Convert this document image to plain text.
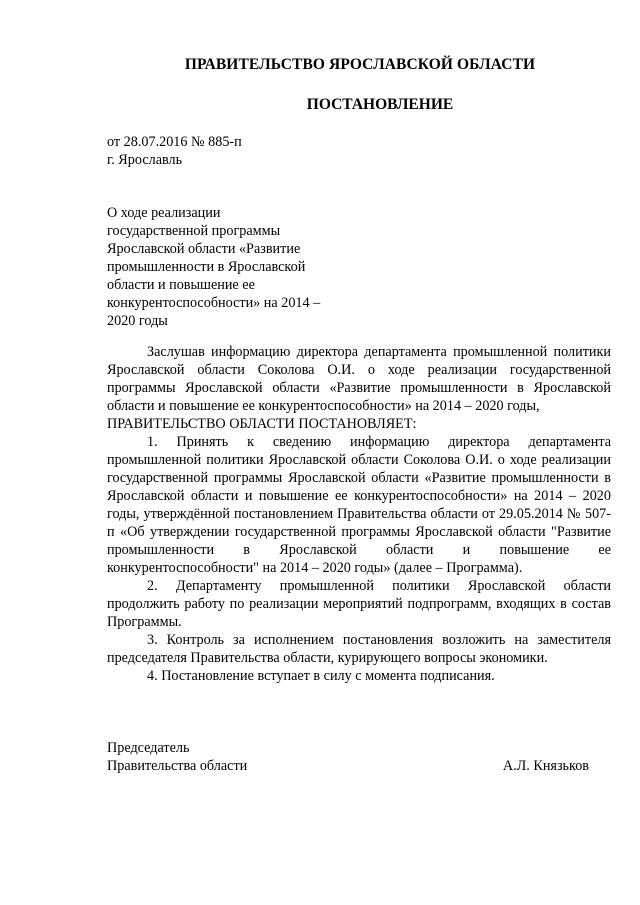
ПРАВИТЕЛЬСТВО ЯРОСЛАВСКОЙ ОБЛАСТИ
ПОСТАНОВЛЕНИЕ
от 28.07.2016 № 885-п
г. Ярославль
О ходе реализации
государственной программы
Ярославской области «Развитие
промышленности в Ярославской
области и повышение ее
конкурентоспособности» на 2014 –
2020 годы

Заслушав информацию директора департамента промышленной политики Ярославской области Соколова О.И. о ходе реализации государственной программы Ярославской области «Развитие промышленности в Ярославской области и повышение ее конкурентоспособности» на 2014 – 2020 годы,

ПРАВИТЕЛЬСТВО ОБЛАСТИ ПОСТАНОВЛЯЕТ:

1. Принять к сведению информацию директора департамента промышленной политики Ярославской области Соколова О.И. о ходе реализации государственной программы Ярославской области «Развитие промышленности в Ярославской области и повышение ее конкурентоспособности» на 2014 – 2020 годы, утверждённой постановлением Правительства области от 29.05.2014 № 507-п «Об утверждении государственной программы Ярославской области "Развитие промышленности в Ярославской области и повышение ее конкурентоспособности" на 2014 – 2020 годы» (далее – Программа).

2. Департаменту промышленной политики Ярославской области продолжить работу по реализации мероприятий подпрограмм, входящих в состав Программы.

3. Контроль за исполнением постановления возложить на заместителя председателя Правительства области, курирующего вопросы экономики.

4. Постановление вступает в силу с момента подписания.

Председатель
Правительства области	А.Л. Князьков
